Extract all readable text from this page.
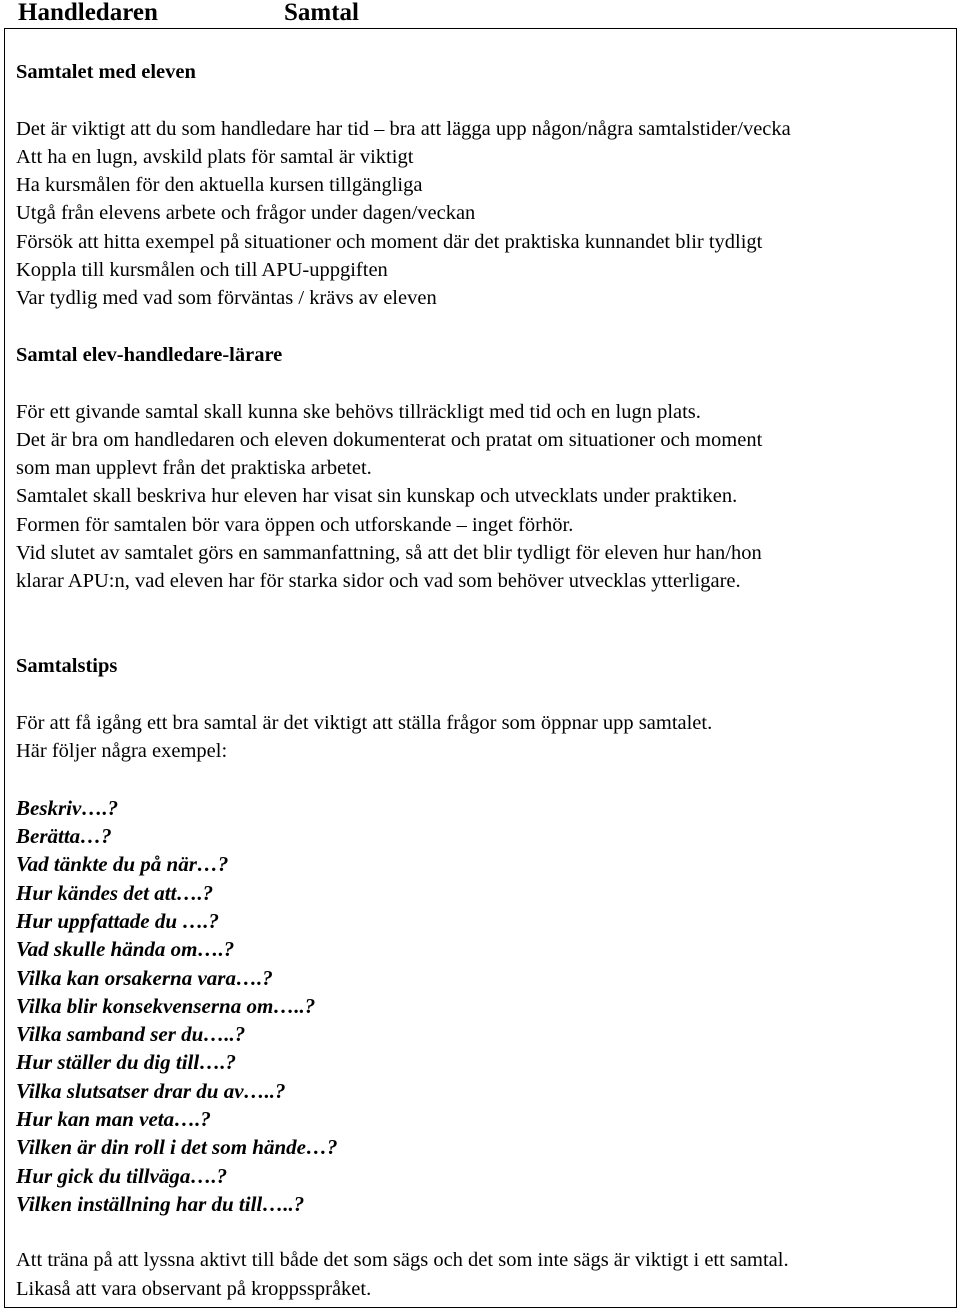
Handledaren	Samtal
Samtalet med eleven
Det är viktigt att du som handledare har tid – bra att lägga upp någon/några samtalstider/vecka
Att ha en lugn, avskild plats för samtal är viktigt
Ha kursmålen för den aktuella kursen tillgängliga
Utgå från elevens arbete och frågor under dagen/veckan
Försök att hitta exempel på situationer och moment där det praktiska kunnandet blir tydligt
Koppla till kursmålen och till APU-uppgiften
Var tydlig med vad som förväntas / krävs av eleven
Samtal elev-handledare-lärare
För ett givande samtal skall kunna ske behövs tillräckligt med tid och en lugn plats.
Det är bra om handledaren och eleven dokumenterat och pratat om situationer och moment
som man upplevt från det praktiska arbetet.
Samtalet skall beskriva hur eleven har visat sin kunskap och utvecklats under praktiken.
Formen för samtalen bör vara öppen och utforskande – inget förhör.
Vid slutet av samtalet görs en sammanfattning, så att det blir tydligt för eleven hur han/hon
klarar APU:n, vad eleven har för starka sidor och vad som behöver utvecklas ytterligare.
Samtalstips
För att få igång ett bra samtal är det viktigt att ställa frågor som öppnar upp samtalet.
Här följer några exempel:
Beskriv….?
Berätta…?
Vad tänkte du på när…?
Hur kändes det att….?
Hur uppfattade du ….?
Vad skulle hända om….?
Vilka kan orsakerna vara….?
Vilka blir konsekvenserna om…..?
Vilka samband ser du…..?
Hur ställer du dig till….?
Vilka slutsatser drar du av…..?
Hur kan man veta….?
Vilken är din roll i det som hände…?
Hur gick du tillväga….?
Vilken inställning har du till…..?
Att träna på att lyssna aktivt till både det som sägs och det som inte sägs är viktigt i ett samtal.
Likaså att vara observant på kroppsspråket.
